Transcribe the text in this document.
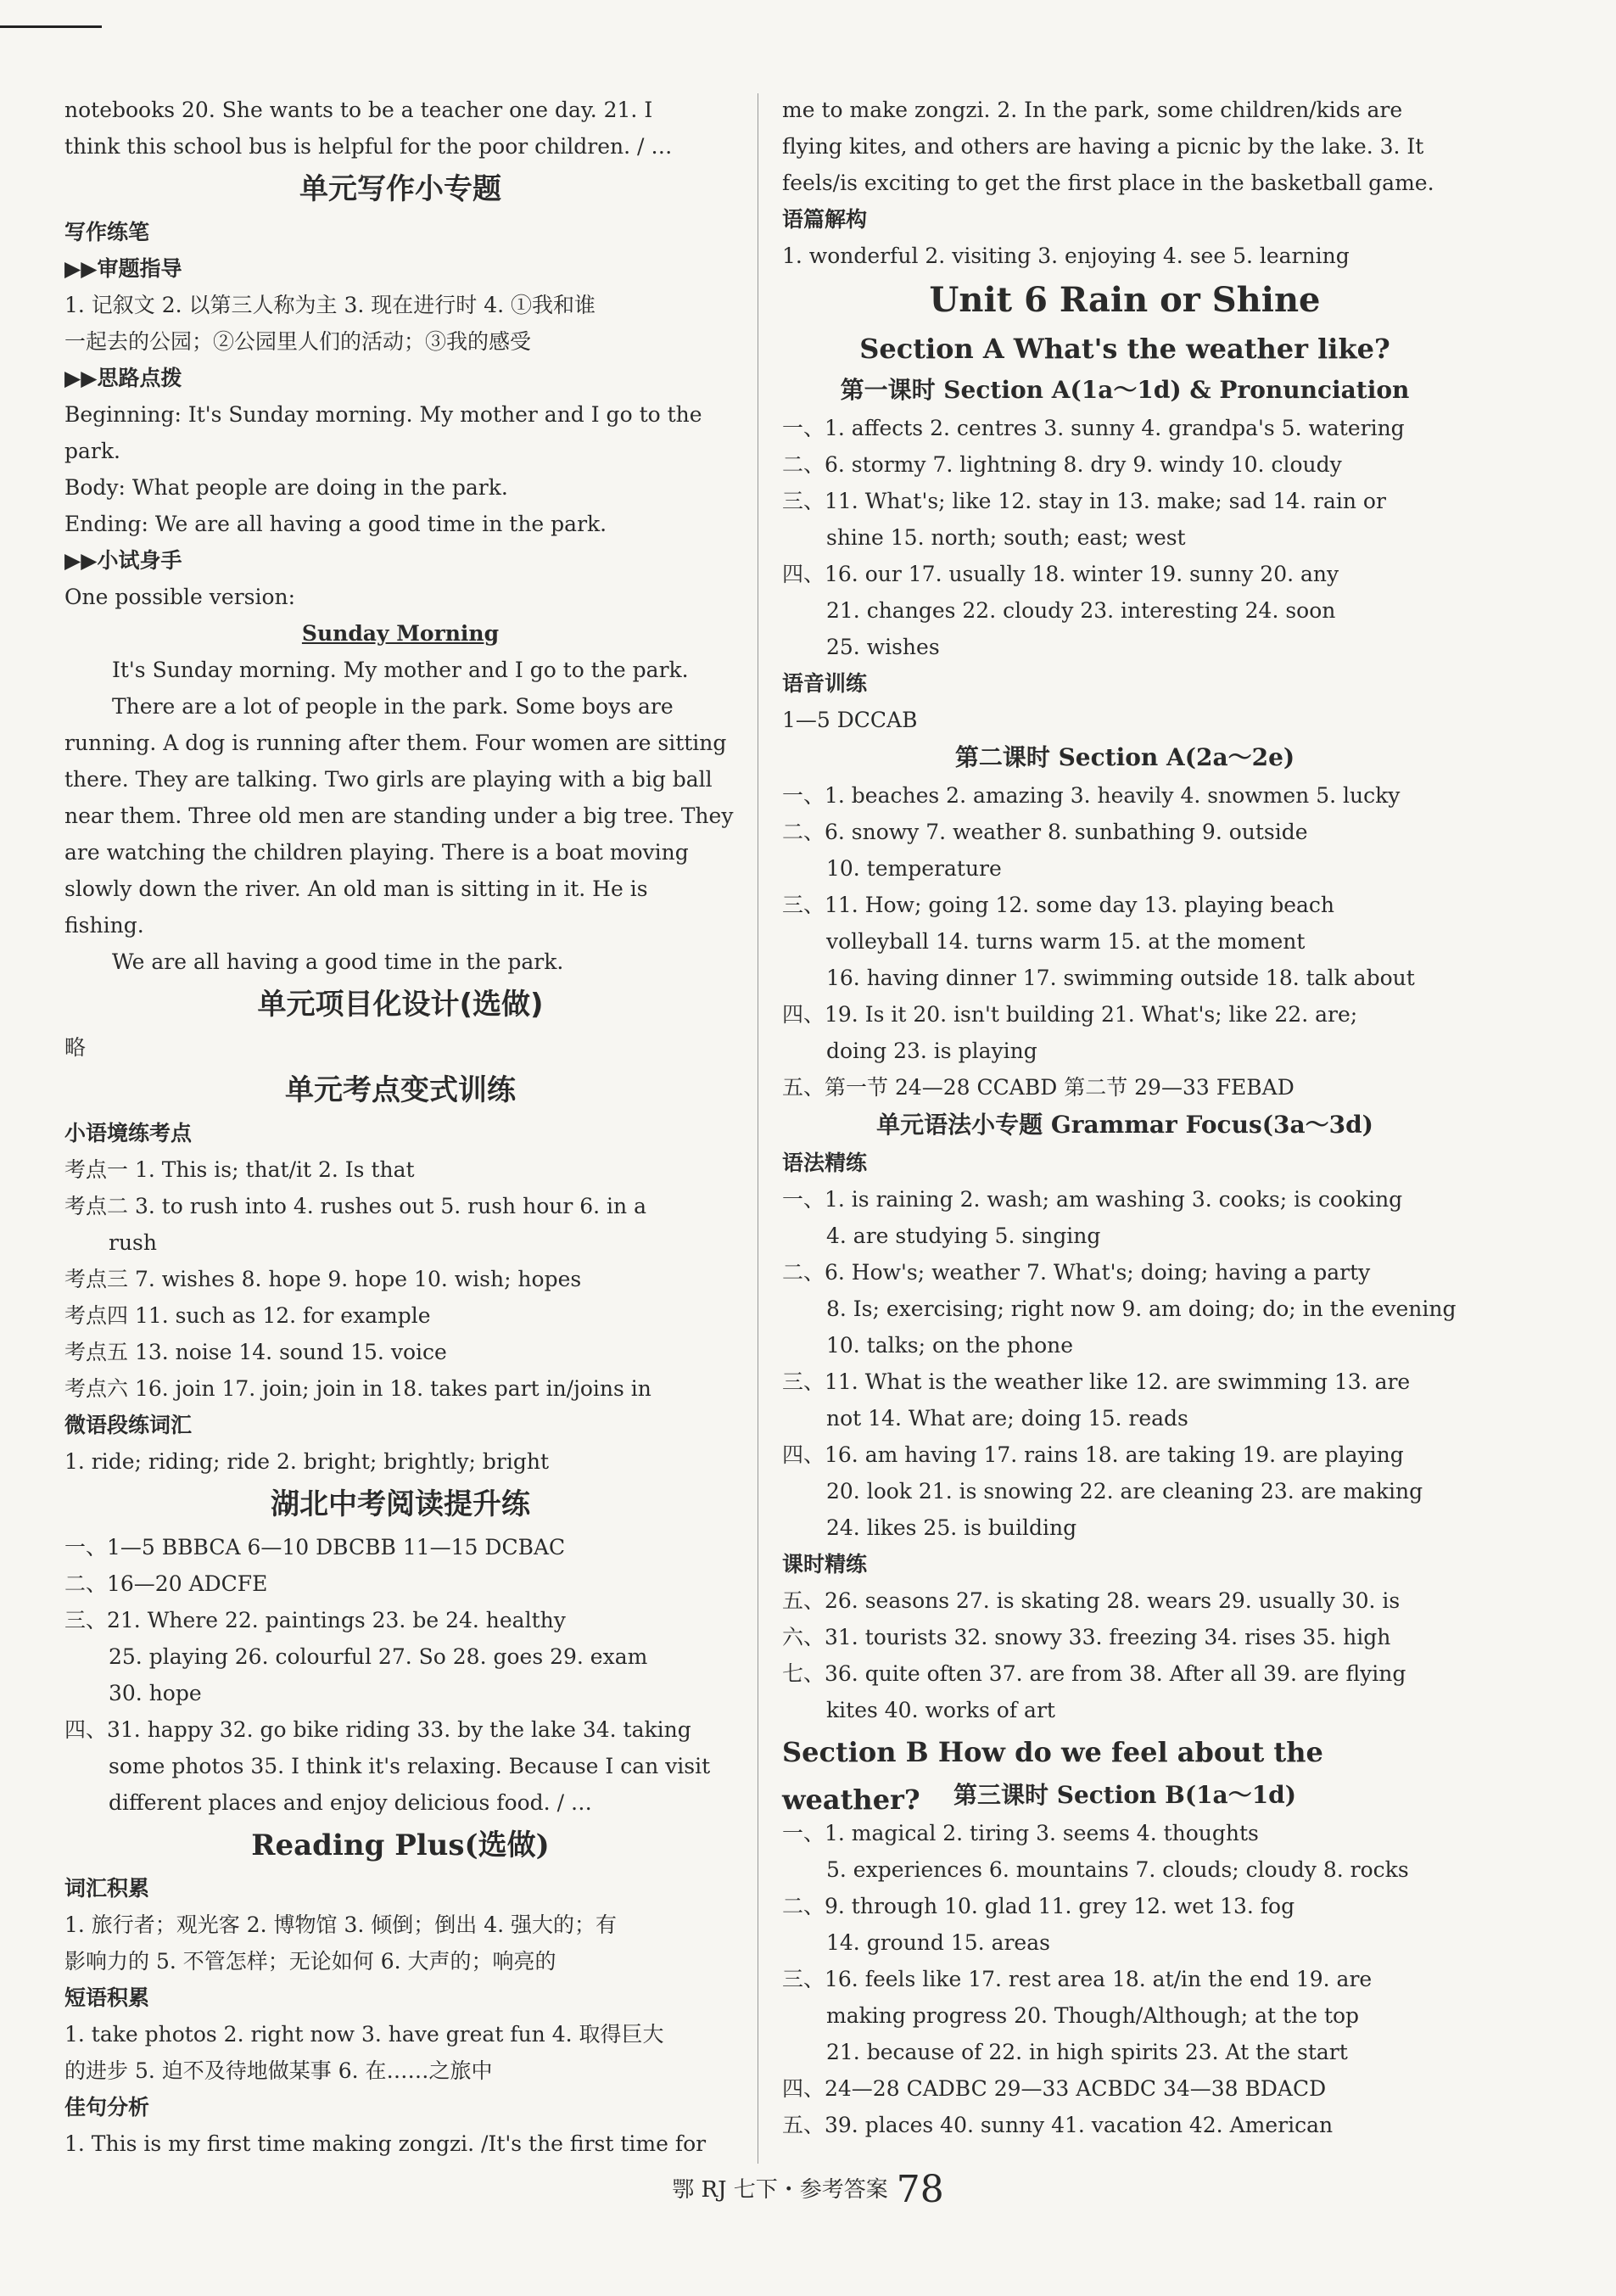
notebooks 20. She wants to be a teacher one day. 21. I
think this school bus is helpful for the poor children. / …
单元写作小专题
写作练笔
▶▶审题指导
1. 记叙文 2. 以第三人称为主 3. 现在进行时 4. ①我和谁
一起去的公园；②公园里人们的活动；③我的感受
▶▶思路点拨
Beginning: It's Sunday morning. My mother and I go to the
park.
Body: What people are doing in the park.
Ending: We are all having a good time in the park.
▶▶小试身手
One possible version:
Sunday Morning
It's Sunday morning. My mother and I go to the park.
There are a lot of people in the park. Some boys are
running. A dog is running after them. Four women are sitting
there. They are talking. Two girls are playing with a big ball
near them. Three old men are standing under a big tree. They
are watching the children playing. There is a boat moving
slowly down the river. An old man is sitting in it. He is
fishing.
We are all having a good time in the park.
单元项目化设计(选做)
略
单元考点变式训练
小语境练考点
考点一 1. This is; that/it 2. Is that
考点二 3. to rush into 4. rushes out 5. rush hour 6. in a
rush
考点三 7. wishes 8. hope 9. hope 10. wish; hopes
考点四 11. such as 12. for example
考点五 13. noise 14. sound 15. voice
考点六 16. join 17. join; join in 18. takes part in/joins in
微语段练词汇
1. ride; riding; ride 2. bright; brightly; bright
湖北中考阅读提升练
一、1—5 BBBCA 6—10 DBCBB 11—15 DCBAC
二、16—20 ADCFE
三、21. Where 22. paintings 23. be 24. healthy
25. playing 26. colourful 27. So 28. goes 29. exam
30. hope
四、31. happy 32. go bike riding 33. by the lake 34. taking
some photos 35. I think it's relaxing. Because I can visit
different places and enjoy delicious food. / …
Reading Plus(选做)
词汇积累
1. 旅行者；观光客 2. 博物馆 3. 倾倒；倒出 4. 强大的；有
影响力的 5. 不管怎样；无论如何 6. 大声的；响亮的
短语积累
1. take photos 2. right now 3. have great fun 4. 取得巨大
的进步 5. 迫不及待地做某事 6. 在……之旅中
佳句分析
1. This is my first time making zongzi. /It's the first time for
me to make zongzi. 2. In the park, some children/kids are
flying kites, and others are having a picnic by the lake. 3. It
feels/is exciting to get the first place in the basketball game.
语篇解构
1. wonderful 2. visiting 3. enjoying 4. see 5. learning
Unit 6 Rain or Shine
Section A What's the weather like?
第一课时 Section A(1a～1d) & Pronunciation
一、1. affects 2. centres 3. sunny 4. grandpa's 5. watering
二、6. stormy 7. lightning 8. dry 9. windy 10. cloudy
三、11. What's; like 12. stay in 13. make; sad 14. rain or
shine 15. north; south; east; west
四、16. our 17. usually 18. winter 19. sunny 20. any
21. changes 22. cloudy 23. interesting 24. soon
25. wishes
语音训练
1—5 DCCAB
第二课时 Section A(2a～2e)
一、1. beaches 2. amazing 3. heavily 4. snowmen 5. lucky
二、6. snowy 7. weather 8. sunbathing 9. outside
10. temperature
三、11. How; going 12. some day 13. playing beach
volleyball 14. turns warm 15. at the moment
16. having dinner 17. swimming outside 18. talk about
四、19. Is it 20. isn't building 21. What's; like 22. are;
doing 23. is playing
五、第一节 24—28 CCABD 第二节 29—33 FEBAD
单元语法小专题 Grammar Focus(3a～3d)
语法精练
一、1. is raining 2. wash; am washing 3. cooks; is cooking
4. are studying 5. singing
二、6. How's; weather 7. What's; doing; having a party
8. Is; exercising; right now 9. am doing; do; in the evening
10. talks; on the phone
三、11. What is the weather like 12. are swimming 13. are
not 14. What are; doing 15. reads
四、16. am having 17. rains 18. are taking 19. are playing
20. look 21. is snowing 22. are cleaning 23. are making
24. likes 25. is building
课时精练
五、26. seasons 27. is skating 28. wears 29. usually 30. is
六、31. tourists 32. snowy 33. freezing 34. rises 35. high
七、36. quite often 37. are from 38. After all 39. are flying
kites 40. works of art
Section B How do we feel about the weather?	第三课时 Section B(1a～1d)
一、1. magical 2. tiring 3. seems 4. thoughts
5. experiences 6. mountains 7. clouds; cloudy 8. rocks
二、9. through 10. glad 11. grey 12. wet 13. fog
14. ground 15. areas
三、16. feels like 17. rest area 18. at/in the end 19. are
making progress 20. Though/Although; at the top
21. because of 22. in high spirits 23. At the start
四、24—28 CADBC 29—33 ACBDC 34—38 BDACD
五、39. places 40. sunny 41. vacation 42. American
鄂 RJ 七下・参考答案 78
